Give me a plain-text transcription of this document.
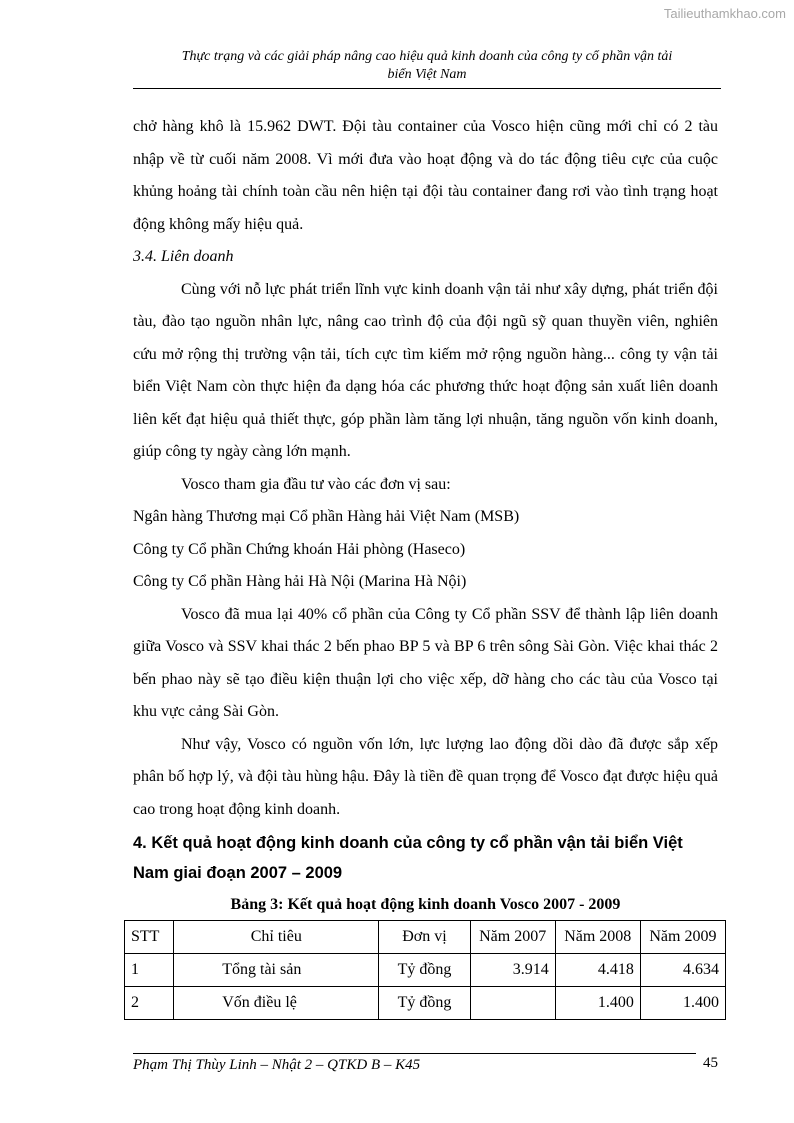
Tailieuthamkhao.com
Thực trạng và các giải pháp nâng cao hiệu quả kinh doanh của công ty cổ phần vận tải
biển Việt Nam

chở hàng khô là 15.962 DWT. Đội tàu container của Vosco hiện cũng mới chỉ có 2 tàu nhập về từ cuối năm 2008. Vì mới đưa vào hoạt động và do tác động tiêu cực của cuộc khủng hoảng tài chính toàn cầu nên hiện tại đội tàu container đang rơi vào tình trạng hoạt động không mấy hiệu quả.

3.4. Liên doanh

Cùng với nỗ lực phát triển lĩnh vực kinh doanh vận tải như xây dựng, phát triển đội tàu, đào tạo nguồn nhân lực, nâng cao trình độ của đội ngũ sỹ quan thuyền viên, nghiên cứu mở rộng thị trường vận tải, tích cực tìm kiếm mở rộng nguồn hàng... công ty vận tải biển Việt Nam còn thực hiện đa dạng hóa các phương thức hoạt động sản xuất liên doanh liên kết đạt hiệu quả thiết thực, góp phần làm tăng lợi nhuận, tăng nguồn vốn kinh doanh, giúp công ty ngày càng lớn mạnh.

Vosco tham gia đầu tư vào các đơn vị sau:

Ngân hàng Thương mại Cổ phần Hàng hải Việt Nam (MSB)

Công ty Cổ phần Chứng khoán Hải phòng (Haseco)

Công ty Cổ phần Hàng hải Hà Nội (Marina Hà Nội)

Vosco đã mua lại 40% cổ phần của Công ty Cổ phần SSV để thành lập liên doanh giữa Vosco và SSV khai thác 2 bến phao BP 5 và BP 6 trên sông Sài Gòn. Việc khai thác 2 bến phao này sẽ tạo điều kiện thuận lợi cho việc xếp, dỡ hàng cho các tàu của Vosco tại khu vực cảng Sài Gòn.

Như vậy, Vosco có nguồn vốn lớn, lực lượng lao động dồi dào đã được sắp xếp phân bố hợp lý, và đội tàu hùng hậu. Đây là tiền đề quan trọng để Vosco đạt được hiệu quả cao trong hoạt động kinh doanh.

4. Kết quả hoạt động kinh doanh của công ty cổ phần vận tải biển Việt Nam giai đoạn 2007 – 2009

Bảng 3: Kết quả hoạt động kinh doanh Vosco 2007 - 2009

STT	Chỉ tiêu	Đơn vị	Năm 2007	Năm 2008	Năm 2009
1	Tổng tài sản	Tỷ đồng	3.914	4.418	4.634
2	Vốn điều lệ	Tỷ đồng		1.400	1.400
Phạm Thị Thùy Linh – Nhật 2 – QTKD B – K45	45
